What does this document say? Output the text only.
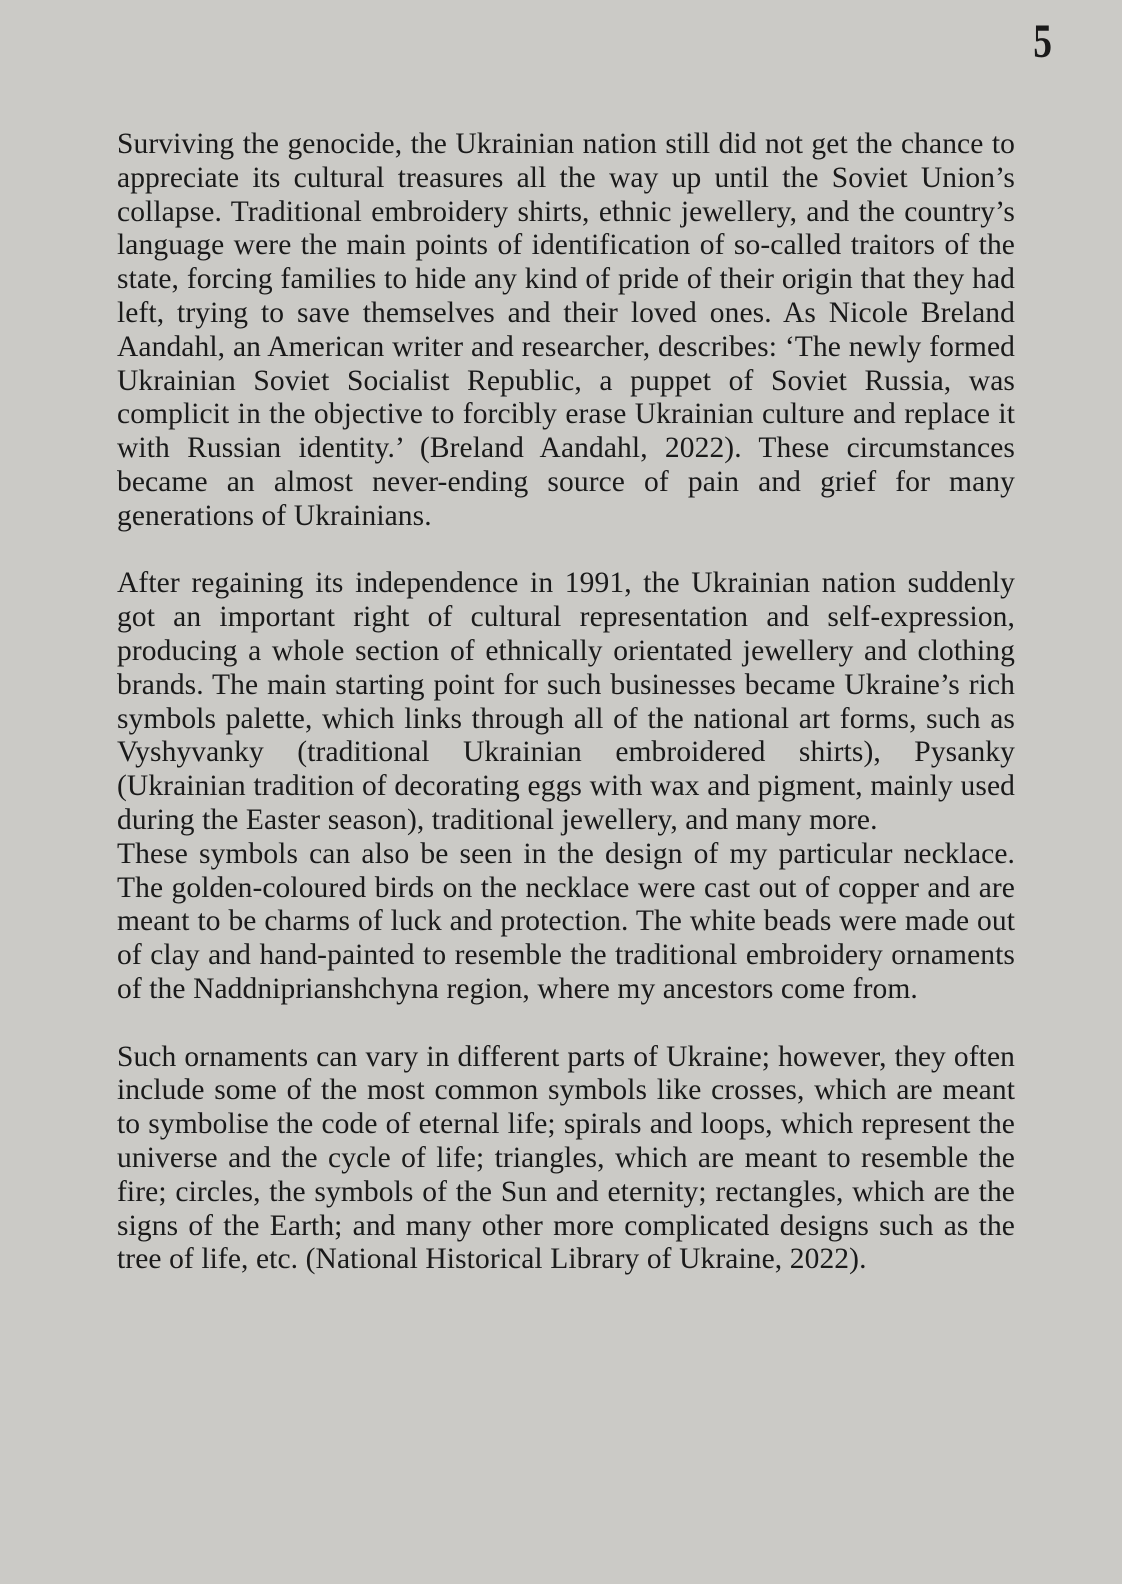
5

Surviving the genocide, the Ukrainian nation still did not get the chance to appreciate its cultural treasures all the way up until the Soviet Union’s collapse. Traditional embroidery shirts, ethnic jewellery, and the country’s language were the main points of identification of so-called traitors of the state, forcing families to hide any kind of pride of their origin that they had left, trying to save themselves and their loved ones. As Nicole Breland Aandahl, an American writer and researcher, describes: ‘The newly formed Ukrainian Soviet Socialist Republic, a puppet of Soviet Russia, was complicit in the objective to forcibly erase Ukrainian culture and replace it with Russian identity.’ (Breland Aandahl, 2022). These circumstances became an almost never-ending source of pain and grief for many generations of Ukrainians.

After regaining its independence in 1991, the Ukrainian nation suddenly got an important right of cultural representation and self-expression, producing a whole section of ethnically orientated jewellery and clothing brands. The main starting point for such businesses became Ukraine’s rich symbols palette, which links through all of the national art forms, such as Vyshyvanky (traditional Ukrainian embroidered shirts), Pysanky (Ukrainian tradition of decorating eggs with wax and pigment, mainly used during the Easter season), traditional jewellery, and many more.

These symbols can also be seen in the design of my particular necklace. The golden-coloured birds on the necklace were cast out of copper and are meant to be charms of luck and protection. The white beads were made out of clay and hand-painted to resemble the traditional embroidery ornaments of the Naddniprianshchyna region, where my ancestors come from.

Such ornaments can vary in different parts of Ukraine; however, they often include some of the most common symbols like crosses, which are meant to symbolise the code of eternal life; spirals and loops, which represent the universe and the cycle of life; triangles, which are meant to resemble the fire; circles, the symbols of the Sun and eternity; rectangles, which are the signs of the Earth; and many other more complicated designs such as the tree of life, etc. (National Historical Library of Ukraine, 2022).
